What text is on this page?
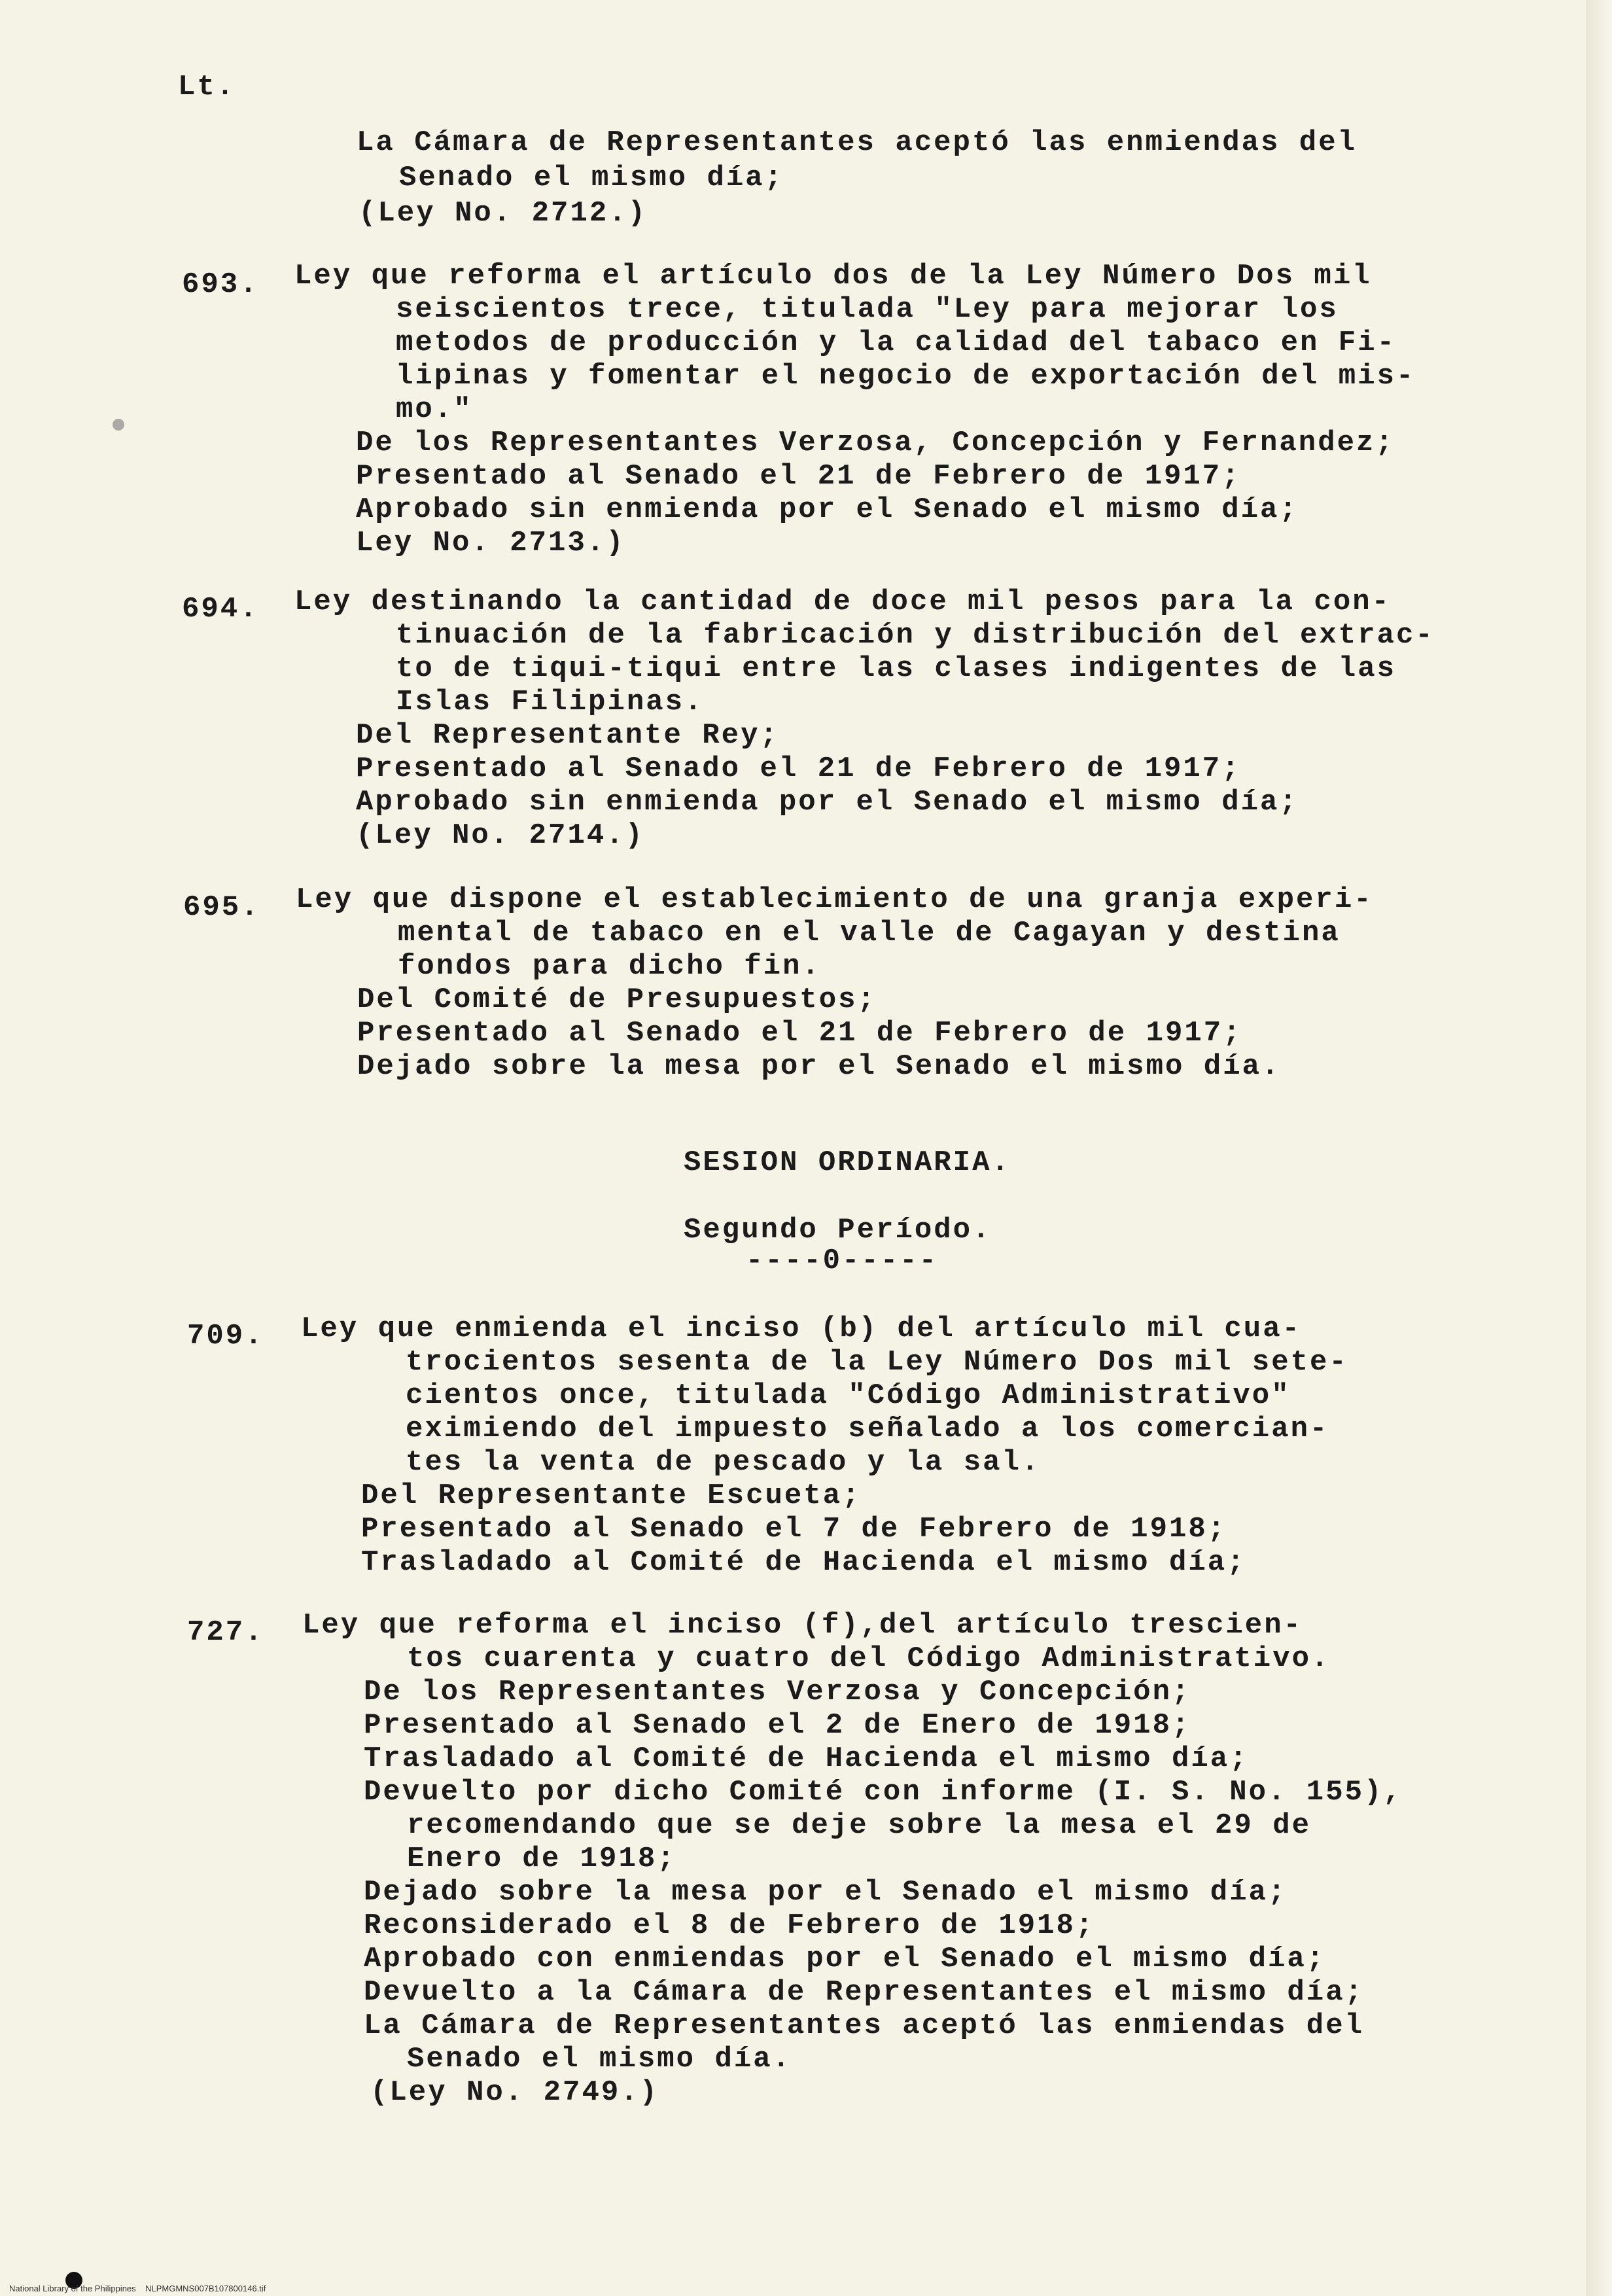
Lt.
La Cámara de Representantes aceptó las enmiendas del
Senado el mismo día;
(Ley No. 2712.)
693. Ley que reforma el artículo dos de la Ley Número Dos mil
seiscientos trece, titulada "Ley para mejorar los
metodos de producción y la calidad del tabaco en Fi-
lipinas y fomentar el negocio de exportación del mis-
mo."
De los Representantes Verzosa, Concepción y Fernandez;
Presentado al Senado el 21 de Febrero de 1917;
Aprobado sin enmienda por el Senado el mismo día;
Ley No. 2713.)
694. Ley destinando la cantidad de doce mil pesos para la con-
tinuación de la fabricación y distribución del extrac-
to de tiqui-tiqui entre las clases indigentes de las
Islas Filipinas.
Del Representante Rey;
Presentado al Senado el 21 de Febrero de 1917;
Aprobado sin enmienda por el Senado el mismo día;
(Ley No. 2714.)
695. Ley que dispone el establecimiento de una granja experi-
mental de tabaco en el valle de Cagayan y destina
fondos para dicho fin.
Del Comité de Presupuestos;
Presentado al Senado el 21 de Febrero de 1917;
Dejado sobre la mesa por el Senado el mismo día.
SESION ORDINARIA.
Segundo Período.
----0-----
709. Ley que enmienda el inciso (b) del artículo mil cua-
trocientos sesenta de la Ley Número Dos mil sete-
cientos once, titulada "Código Administrativo"
eximiendo del impuesto señalado a los comercian-
tes la venta de pescado y la sal.
Del Representante Escueta;
Presentado al Senado el 7 de Febrero de 1918;
Trasladado al Comité de Hacienda el mismo día;
727. Ley que reforma el inciso (f),del artículo trescien-
tos cuarenta y cuatro del Código Administrativo.
De los Representantes Verzosa y Concepción;
Presentado al Senado el 2 de Enero de 1918;
Trasladado al Comité de Hacienda el mismo día;
Devuelto por dicho Comité con informe (I. S. No. 155),
recomendando que se deje sobre la mesa el 29 de
Enero de 1918;
Dejado sobre la mesa por el Senado el mismo día;
Reconsiderado el 8 de Febrero de 1918;
Aprobado con enmiendas por el Senado el mismo día;
Devuelto a la Cámara de Representantes el mismo día;
La Cámara de Representantes aceptó las enmiendas del
Senado el mismo día.
(Ley No. 2749.)
National Library of the Philippines    NLPMGMNS007B107800146.tif
